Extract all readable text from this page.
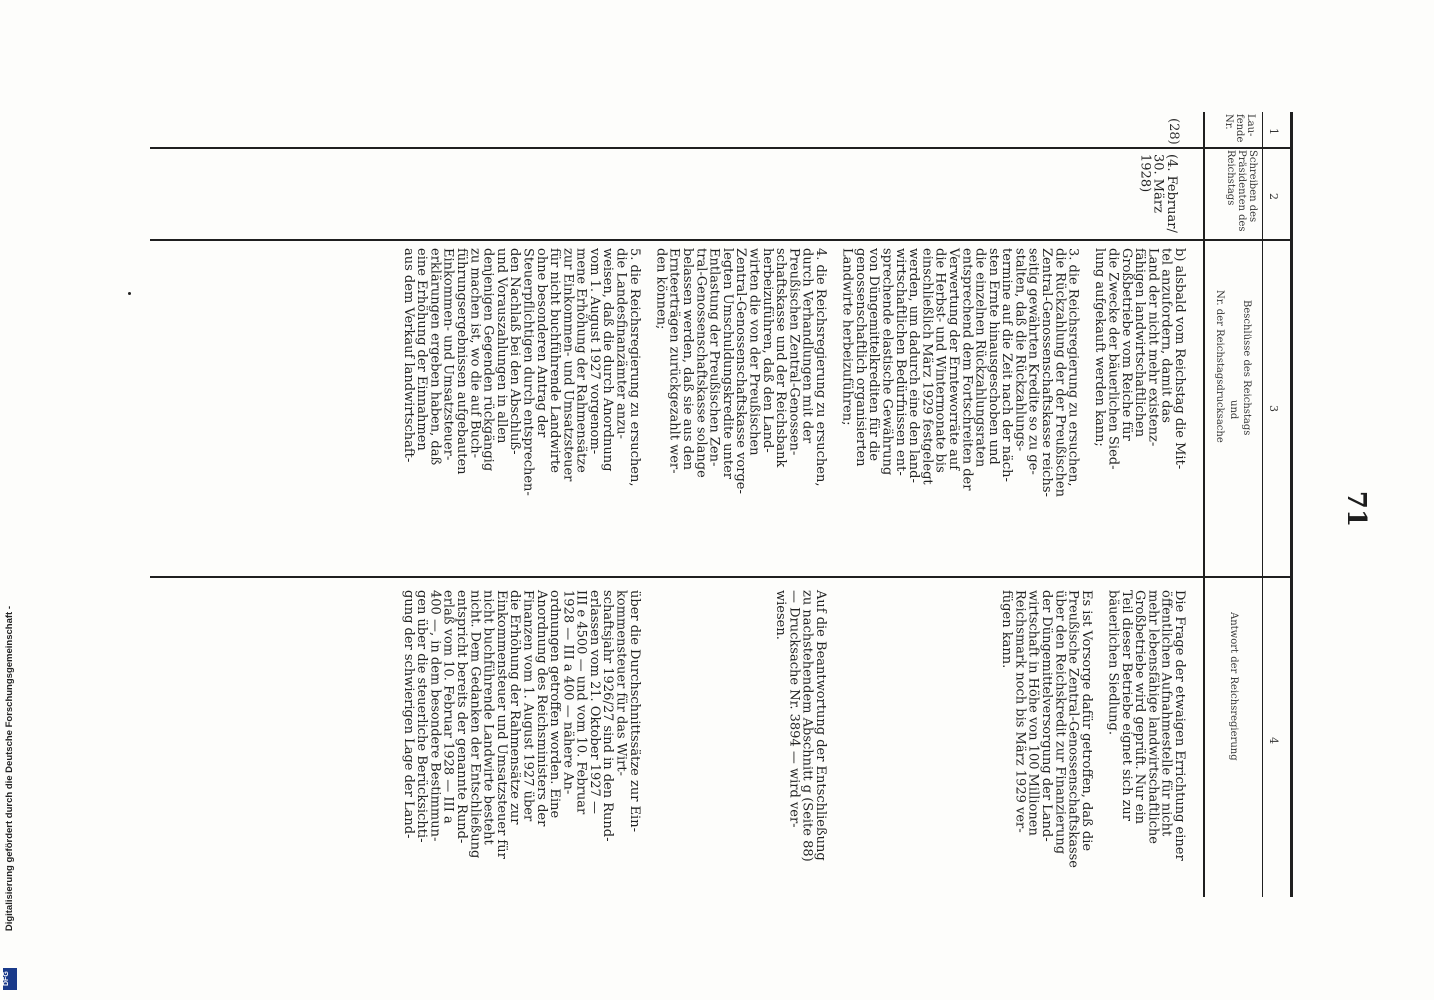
71
1
2
3
4
Lau-fende Nr.
Schreiben des Präsidenten des Reichstags
Beschlüsse des Reichstags
und
Nr. der Reichstagsdrucksache
Antwort der Reichsregierung
(28)
(4. Februar/
30. März
1928)
b) alsbald vom Reichstag die Mit-
tel anzufordern, damit das
Land der nicht mehr existenz-
fähigen landwirtschaftlichen
Großbetriebe vom Reiche für
die Zwecke der bäuerlichen Sied-
lung aufgekauft werden kann;
3. die Reichsregierung zu ersuchen,
die Rückzahlung der der Preußischen
Zentral-Genossenschaftskasse reichs-
seitig gewährten Kredite so zu ge-
stalten, daß die Rückzahlungs-
termine auf die Zeit nach der näch-
sten Ernte hinausgeschoben und
die einzelnen Rückzahlungsraten
entsprechend dem Fortschreiten der
Verwertung der Ernteworräte auf
die Herbst- und Wintermonate bis
einschließlich März 1929 festgelegt
werden, um dadurch eine den land-
wirtschaftlichen Bedürfnissen ent-
sprechende elastische Gewährung
von Düngemittelkrediten für die
genossenschaftlich organisierten
Landwirte herbeizuführen;
4. die Reichsregierung zu ersuchen,
durch Verhandlungen mit der
Preußischen Zentral-Genossen-
schaftskasse und der Reichsbank
herbeizuführen, daß den Land-
wirten die von der Preußischen
Zentral-Genossenschaftskasse vorge-
legten Umschuldungskredite unter
Entlastung der Preußischen Zen-
tral-Genossenschaftskasse solange
belassen werden, daß sie aus den
Ernteerträgen zurückgezahlt wer-
den können;
5. die Reichsregierung zu ersuchen,
die Landesfinanzämter anzu-
weisen, daß die durch Anordnung
vom 1. August 1927 vorgenom-
mene Erhöhung der Rahmensätze
zur Einkommen- und Umsatzsteuer
für nicht buchführende Landwirte
ohne besonderen Antrag der
Steuerpflichtigen durch entsprechen-
den Nachlaß bei den Abschluß-
und Vorauszahlungen in allen
denjenigen Gegenden rückgängig
zu machen ist, wo die auf Buch-
führungsergebnissen aufgebauten
Einkommen- und Umsatzsteuer-
erklärungen ergeben haben, daß
eine Erhöhung der Einnahmen
aus dem Verkauf landwirtschaft-
Die Frage der etwaigen Errichtung einer
öffentlichen Aufnahmestelle für nicht
mehr lebensfähige landwirtschaftliche
Großbetriebe wird geprüft. Nur ein
Teil dieser Betriebe eignet sich zur
bäuerlichen Siedlung.
Es ist Vorsorge dafür getroffen, daß die
Preußische Zentral-Genossenschaftskasse
über den Reichskredit zur Finanzierung
der Düngemittelversorgung der Land-
wirtschaft in Höhe von 100 Millionen
Reichsmark noch bis März 1929 ver-
fügen kann.
Auf die Beantwortung der Entschließung
zu nachstehendem Abschnitt g (Seite 88)
— Drucksache Nr. 3894 — wird ver-
wiesen.
über die Durchschnittssätze zur Ein-
kommensteuer für das Wirt-
schaftsjahr 1926/27 sind in den Rund-
erlassen vom 21. Oktober 1927 —
III e 4500 — und vom 10. Februar
1928 — III a 400 — nähere An-
ordnungen getroffen worden. Eine
Anordnung des Reichsministers der
Finanzen vom 1. August 1927 über
die Erhöhung der Rahmensätze zur
Einkommensteuer und Umsatzsteuer für
nicht buchführende Landwirte besteht
nicht. Dem Gedanken der Entschließung
entspricht bereits der genannte Rund-
erlaß vom 10. Februar 1928 — III a
400 —, in dem besondere Bestimmun-
gen über die steuerliche Berücksichti-
gung der schwierigen Lage der Land-
Digitalisierung gefördert durch die Deutsche Forschungsgemeinschaft -
DFG
